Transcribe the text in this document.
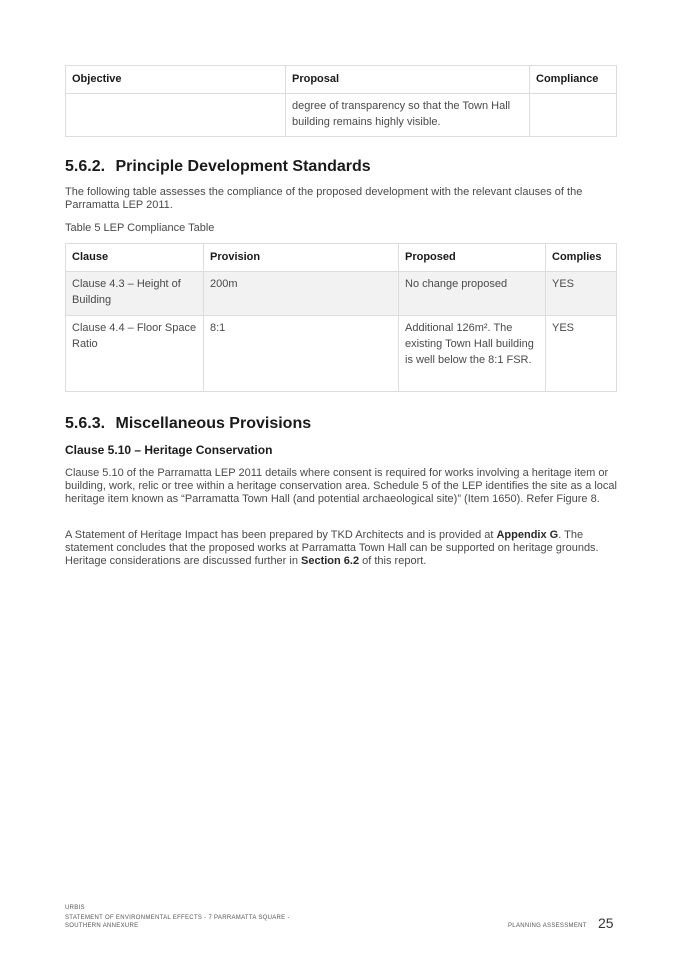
Objective	Proposal	Compliance
	degree of transparency so that the Town Hall building remains highly visible.	
5.6.2. Principle Development Standards

The following table assesses the compliance of the proposed development with the relevant clauses of the Parramatta LEP 2011.

Table 5 LEP Compliance Table

Clause	Provision	Proposed	Complies
Clause 4.3 – Height of Building	200m	No change proposed	YES
Clause 4.4 – Floor Space Ratio	8:1	Additional 126m². The existing Town Hall building is well below the 8:1 FSR.	YES
5.6.3. Miscellaneous Provisions
Clause 5.10 – Heritage Conservation

Clause 5.10 of the Parramatta LEP 2011 details where consent is required for works involving a heritage item or building, work, relic or tree within a heritage conservation area. Schedule 5 of the LEP identifies the site as a local heritage item known as “Parramatta Town Hall (and potential archaeological site)” (Item 1650). Refer Figure 8.

A Statement of Heritage Impact has been prepared by TKD Architects and is provided at Appendix G. The statement concludes that the proposed works at Parramatta Town Hall can be supported on heritage grounds. Heritage considerations are discussed further in Section 6.2 of this report.

URBIS
STATEMENT OF ENVIRONMENTAL EFFECTS - 7 PARRAMATTA SQUARE -
SOUTHERN ANNEXURE	PLANNING ASSESSMENT 25
